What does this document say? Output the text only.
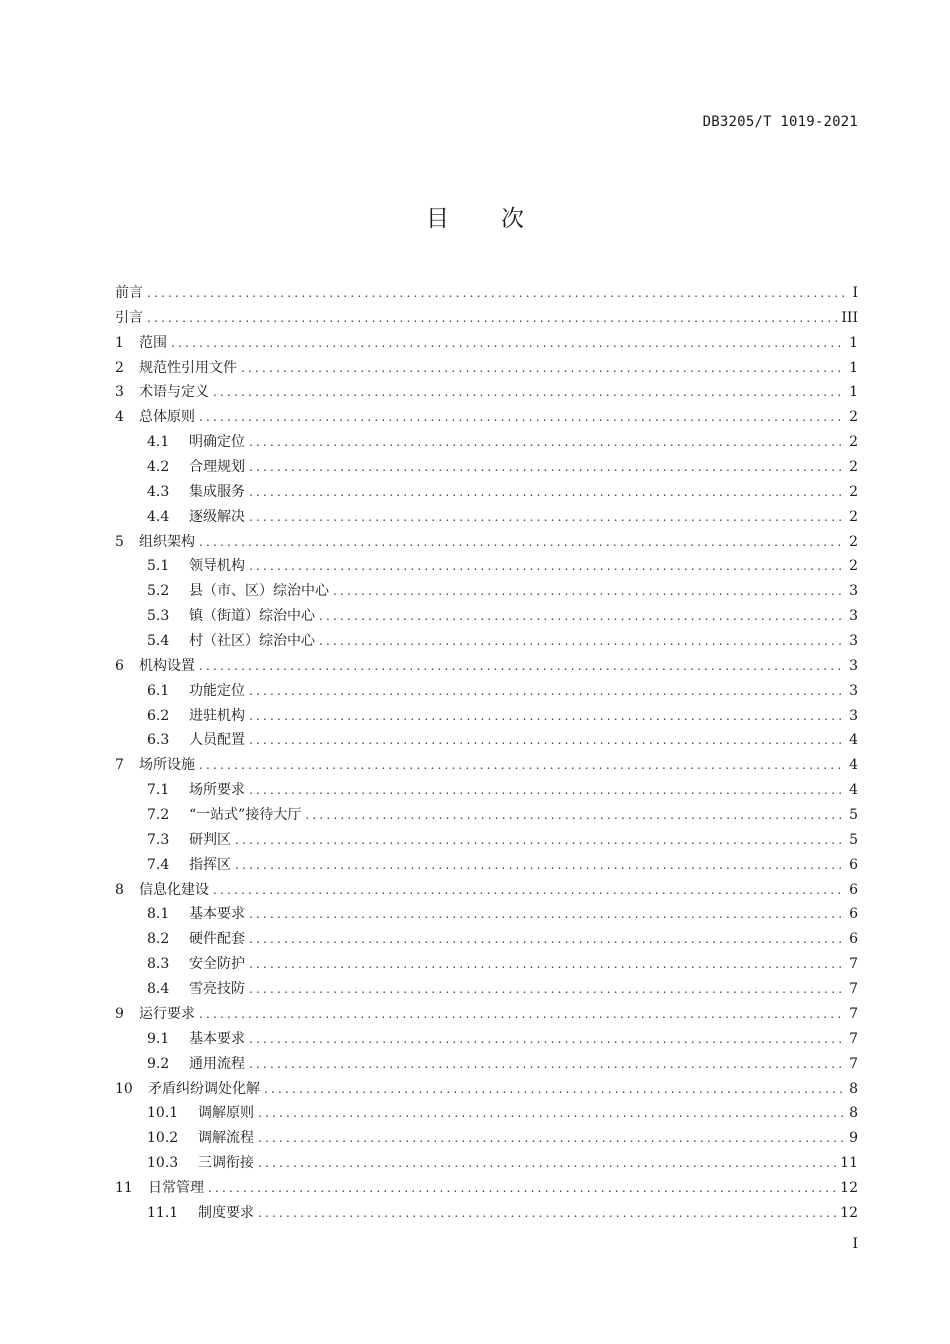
DB3205/T 1019-2021
目 次
前言 .....	I
引言 .....	III
1	范围 .....	1
2	规范性引用文件 .....	1
3	术语与定义 .....	1
4	总体原则 .....	2
4.1	明确定位 .....	2
4.2	合理规划 .....	2
4.3	集成服务 .....	2
4.4	逐级解决 .....	2
5	组织架构 .....	2
5.1	领导机构 .....	2
5.2	县（市、区）综治中心 .....	3
5.3	镇（街道）综治中心 .....	3
5.4	村（社区）综治中心 .....	3
6	机构设置 .....	3
6.1	功能定位 .....	3
6.2	进驻机构 .....	3
6.3	人员配置 .....	4
7	场所设施 .....	4
7.1	场所要求 .....	4
7.2	“一站式”接待大厅 .....	5
7.3	研判区 .....	5
7.4	指挥区 .....	6
8	信息化建设 .....	6
8.1	基本要求 .....	6
8.2	硬件配套 .....	6
8.3	安全防护 .....	7
8.4	雪亮技防 .....	7
9	运行要求 .....	7
9.1	基本要求 .....	7
9.2	通用流程 .....	7
10	矛盾纠纷调处化解 .....	8
10.1	调解原则 .....	8
10.2	调解流程 .....	9
10.3	三调衔接 .....	11
11	日常管理 .....	12
11.1	制度要求 .....	12
I
